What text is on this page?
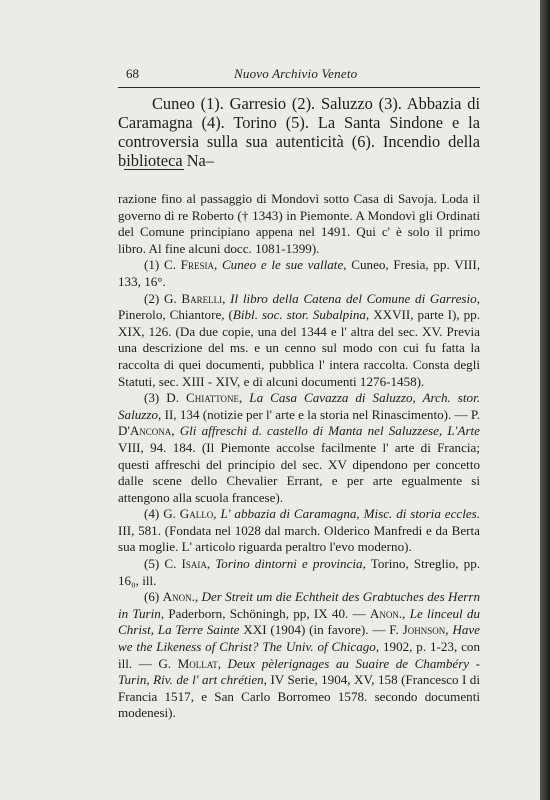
68	Nuovo Archivio Veneto

Cuneo (1). Garresio (2). Saluzzo (3). Abbazia di Caramagna (4). Torino (5). La Santa Sindone e la controversia sulla sua autenticità (6). Incendio della biblioteca Na–

razione fino al passaggio di Mondovì sotto Casa di Savoja. Loda il governo di re Roberto († 1343) in Piemonte. A Mondovì gli Ordinati del Comune principiano appena nel 1491. Qui c' è solo il primo libro. Al fine alcuni docc. 1081-1399).

(1) C. Fresia, Cuneo e le sue vallate, Cuneo, Fresia, pp. VIII, 133, 16°.

(2) G. Barelli, Il libro della Catena del Comune di Garresio, Pinerolo, Chiantore, (Bibl. soc. stor. Subalpina, XXVII, parte I), pp. XIX, 126. (Da due copie, una del 1344 e l' altra del sec. XV. Previa una descrizione del ms. e un cenno sul modo con cui fu fatta la raccolta di quei documenti, pubblica l' intera raccolta. Consta degli Statuti, sec. XIII - XIV, e di alcuni documenti 1276-1458).

(3) D. Chiattone, La Casa Cavazza di Saluzzo, Arch. stor. Saluzzo, II, 134 (notizie per l' arte e la storia nel Rinascimento). — P. D'Ancona, Gli affreschi d. castello di Manta nel Saluzzese, L'Arte VIII, 94. 184. (Il Piemonte accolse facilmente l' arte di Francia; questi affreschi del principio del sec. XV dipendono per concetto dalle scene dello Chevalier Errant, e per arte egualmente si attengono alla scuola francese).

(4) G. Gallo, L' abbazia di Caramagna, Misc. di storia eccles. III, 581. (Fondata nel 1028 dal march. Olderico Manfredi e da Berta sua moglie. L' articolo riguarda peraltro l'evo moderno).

(5) C. Isaia, Torino dintorni e provincia, Torino, Streglio, pp. 16₀, ill.

(6) Anon., Der Streit um die Echtheit des Grabtuches des Herrn in Turin, Paderborn, Schöningh, pp, IX 40. — Anon., Le linceul du Christ, La Terre Sainte XXI (1904) (in favore). — F. Johnson, Have we the Likeness of Christ? The Univ. of Chicago, 1902, p. 1-23, con ill. — G. Mollat, Deux pèlerignages au Suaire de Chambéry - Turin, Riv. de l' art chrétien, IV Serie, 1904, XV, 158 (Francesco I di Francia 1517, e San Carlo Borromeo 1578. secondo documenti modenesi).
